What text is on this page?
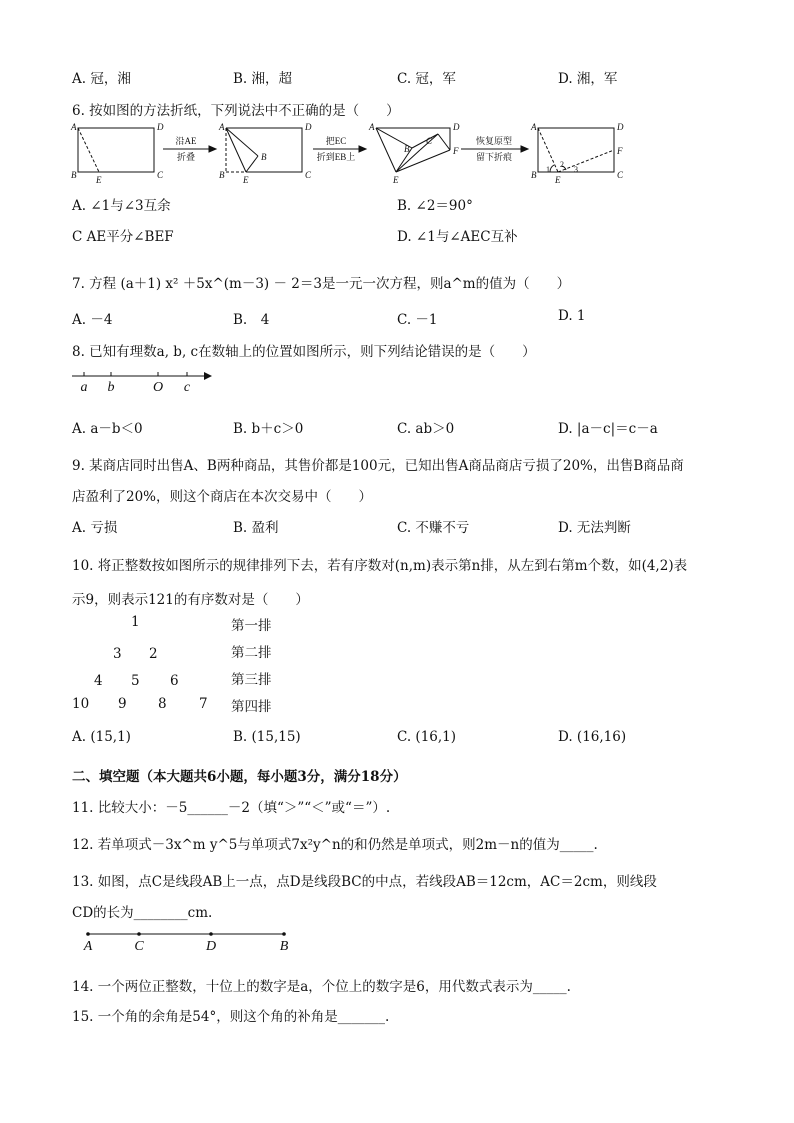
A. 冠，湘	B. 湘，超	C. 冠，军	D. 湘，军
6. 按如图的方法折纸，下列说法中不正确的是（　　）
A	D
B	C
E
A	D
B	C
E
B
A	D
F
E
B
C
A	D
F
B	C
E
1
2
3
沿AE
折叠
把EC
折到EB上
恢复原型
留下折痕
A. ∠1与∠3互余	B. ∠2＝90°
C AE平分∠BEF	D. ∠1与∠AEC互补
7. 方程 (a＋1) x² ＋5x^(m－3) － 2＝3是一元一次方程，则a^m的值为（　　）
A. －4	B.　4	C. －1	D. 1
8. 已知有理数a, b, c在数轴上的位置如图所示，则下列结论错误的是（　　）
a b	O c
A. a－b＜0	B. b＋c＞0	C. ab＞0	D. |a－c|＝c－a
9. 某商店同时出售A、B两种商品，其售价都是100元，已知出售A商品商店亏损了20%，出售B商品商
店盈利了20%，则这个商店在本次交易中（　　）
A. 亏损	B. 盈利	C. 不赚不亏	D. 无法判断
10. 将正整数按如图所示的规律排列下去，若有序数对(n,m)表示第n排，从左到右第m个数，如(4,2)表
示9，则表示121的有序数对是（　　）
1
3 2
4 5 6
10 9 8 7
第一排
第二排
第三排
第四排
A. (15,1)	B. (15,15)	C. (16,1)	D. (16,16)
二、填空题（本大题共6小题，每小题3分，满分18分）
11. 比较大小：－5______－2（填“＞”“＜”或“＝”）.
12. 若单项式－3x^m y^5与单项式7x²y^n的和仍然是单项式，则2m－n的值为_____.
13. 如图，点C是线段AB上一点，点D是线段BC的中点，若线段AB＝12cm，AC＝2cm，则线段
CD的长为________cm.
A	C	D	B
14. 一个两位正整数，十位上的数字是a，个位上的数字是6，用代数式表示为_____.
15. 一个角的余角是54°，则这个角的补角是_______.
